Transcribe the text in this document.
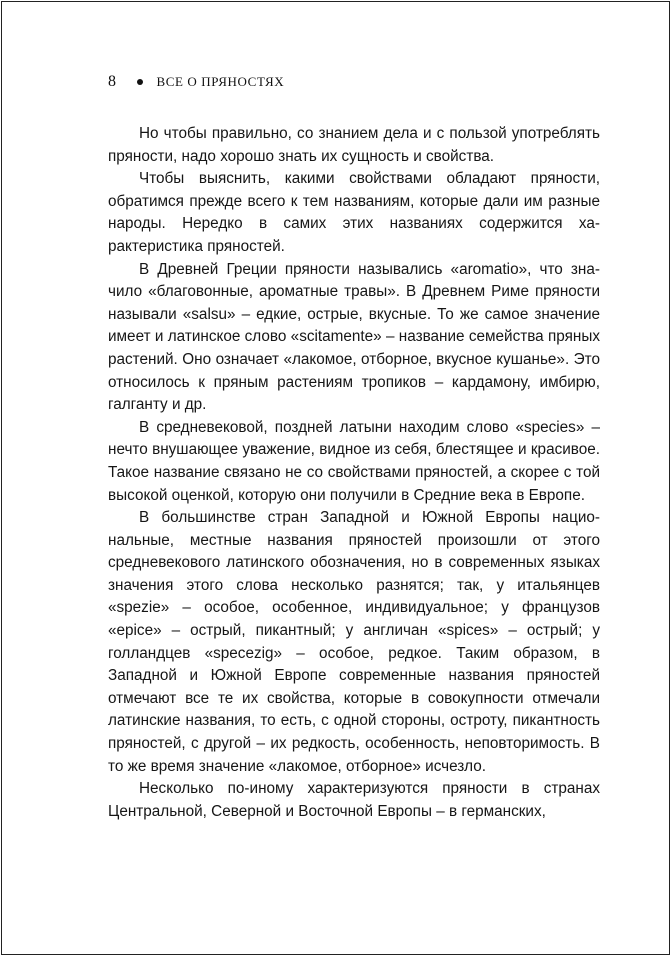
8	ВСЕ О ПРЯНОСТЯХ

Но чтобы правильно, со знанием дела и с пользой употреблять пряности, надо хорошо знать их сущность и свойства.

Чтобы выяснить, какими свойствами обладают пряности, обратимся прежде всего к тем названиям, которые дали им разные народы. Нередко в самих этих названиях содержится характеристика пряностей.

В Древней Греции пряности назывались «aromatio», что значило «благовонные, ароматные травы». В Древнем Риме пряности называли «salsu» – едкие, острые, вкусные. То же самое значение имеет и латинское слово «scitamente» – название семейства пряных растений. Оно означает «лакомое, отборное, вкусное кушанье». Это относилось к пряным растениям тропиков – кардамону, имбирю, галганту и др.

В средневековой, поздней латыни находим слово «species» – нечто внушающее уважение, видное из себя, блестящее и красивое. Такое название связано не со свойствами пряностей, а скорее с той высокой оценкой, которую они получили в Средние века в Европе.

В большинстве стран Западной и Южной Европы национальные, местные названия пряностей произошли от этого средневекового латинского обозначения, но в современных языках значения этого слова несколько разнятся; так, у итальянцев «spezie» – особое, особенное, индивидуальное; у французов «epice» – острый, пикантный; у англичан «spices» – острый; у голландцев «specezig» – особое, редкое. Таким образом, в Западной и Южной Европе современные названия пряностей отмечают все те их свойства, которые в совокупности отмечали латинские названия, то есть, с одной стороны, остроту, пикантность пряностей, с другой – их редкость, особенность, неповторимость. В то же время значение «лакомое, отборное» исчезло.

Несколько по-иному характеризуются пряности в странах Центральной, Северной и Восточной Европы – в германских,
